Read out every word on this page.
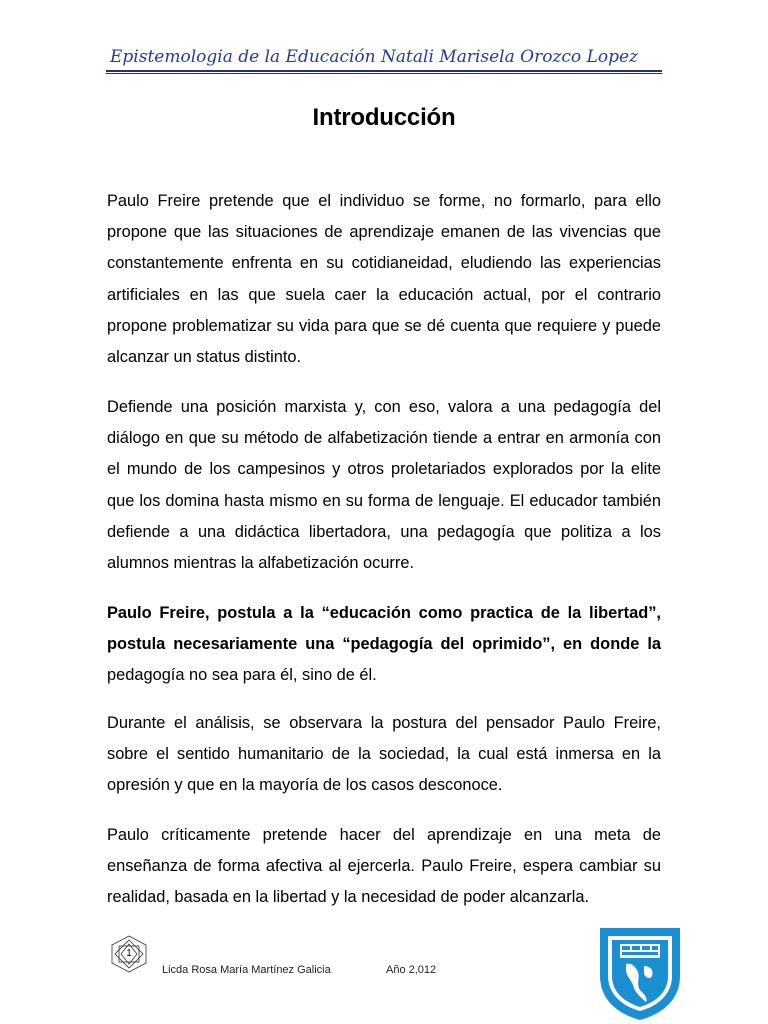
Epistemologia de la Educación Natali Marisela Orozco Lopez
Introducción

Paulo Freire pretende que el individuo se forme, no formarlo, para ello propone que las situaciones de aprendizaje emanen de las vivencias que constantemente enfrenta en su cotidianeidad, eludiendo las experiencias artificiales en las que suela caer la educación actual, por el contrario propone problematizar su vida para que se dé cuenta que requiere y puede alcanzar un status distinto.

Defiende una posición marxista y, con eso, valora a una pedagogía del diálogo en que su método de alfabetización tiende a entrar en armonía con el mundo de los campesinos y otros proletariados explorados por la elite que los domina hasta mismo en su forma de lenguaje. El educador también defiende a una didáctica libertadora, una pedagogía que politiza a los alumnos mientras la alfabetización ocurre.

Paulo Freire, postula a la “educación como practica de la libertad”, postula necesariamente una “pedagogía del oprimido”, en donde la pedagogía no sea para él, sino de él.

Durante el análisis, se observara la postura del pensador Paulo Freire, sobre el sentido humanitario de la sociedad, la cual está inmersa en la opresión y que en la mayoría de los casos desconoce.

Paulo críticamente pretende hacer del aprendizaje en una meta de enseñanza de forma afectiva al ejercerla. Paulo Freire, espera cambiar su realidad, basada en la libertad y la necesidad de poder alcanzarla.

1
Licda Rosa María Martínez Galicia	Año 2,012
